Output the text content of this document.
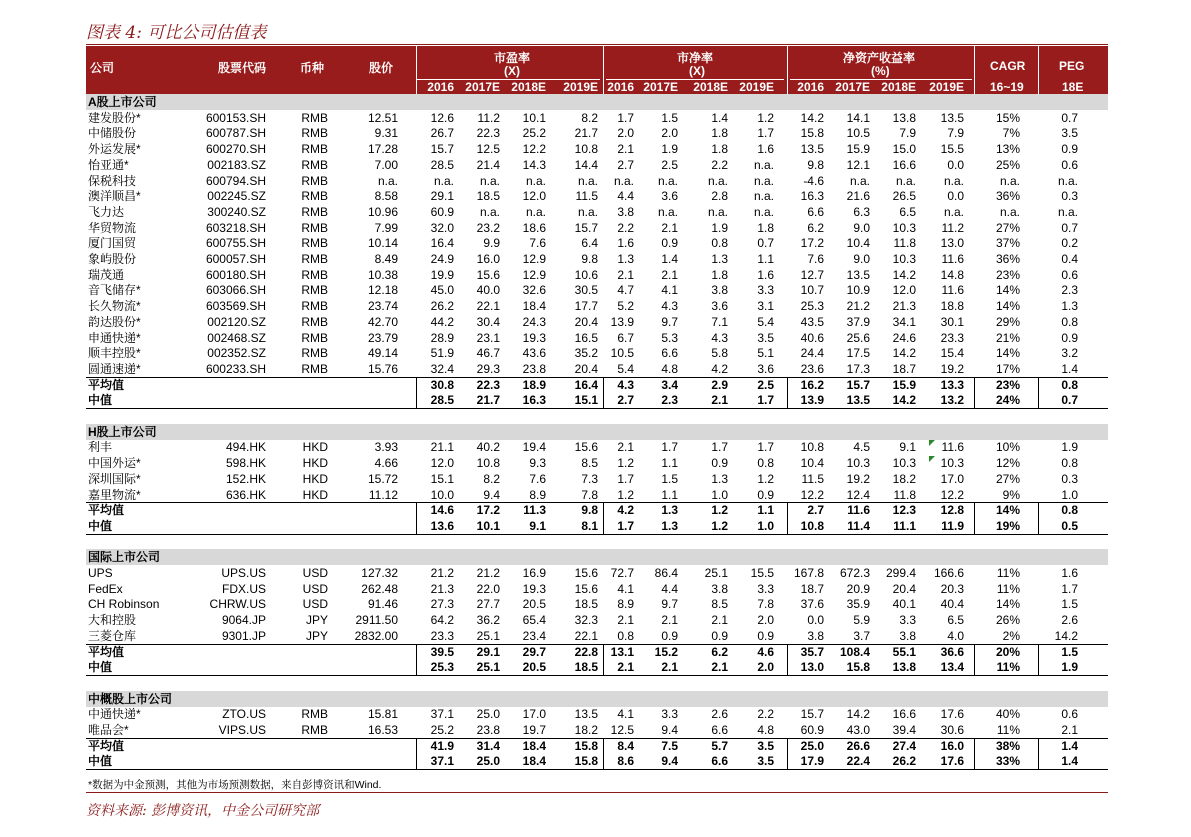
图表 4: 可比公司估值表
公司	股票代码	币种	股价
市盈率
(X)
市净率
(X)
净资产收益率
(%)	CAGR
16~19
PEG
18E
2016 2017E 2018E 2019E 2016 2017E 2018E 2019E 2016 2017E 2018E 2019E
A股上市公司
建发股份*	600153.SH	RMB	12.51	12.6 11.2 10.1	8.2 1.7 1.5	1.4 1.2 14.2 14.1 13.8 13.5	15%	0.7
中储股份	600787.SH	RMB	9.31	26.7 22.3 25.2 21.7 2.0 2.0	1.8 1.7 15.8 10.5 7.9	7.9	7%	3.5
外运发展*	600270.SH	RMB	17.28	15.7 12.5 12.2 10.8 2.1 1.9	1.8 1.6 13.5 15.9 15.0 15.5	13%	0.9
怡亚通*	002183.SZ	RMB	7.00	28.5 21.4 14.3 14.4 2.7 2.5	2.2 n.a.	9.8 12.1 16.6	0.0	25%	0.6
保税科技	600794.SH	RMB	n.a.	n.a. n.a. n.a.	n.a. n.a. n.a. n.a. n.a. -4.6 n.a. n.a. n.a.	n.a.	n.a.
澳洋顺昌*	002245.SZ	RMB	8.58	29.1 18.5 12.0 11.5 4.4 3.6	2.8 n.a. 16.3 21.6 26.5	0.0	36%	0.3
飞力达	300240.SZ	RMB	10.96	60.9 n.a. n.a.	n.a. 3.8 n.a. n.a. n.a.	6.6 6.3 6.5 n.a.	n.a.	n.a.
华贸物流	603218.SH	RMB	7.99	32.0 23.2 18.6 15.7 2.2 2.1	1.9 1.8	6.2 9.0 10.3 11.2	27%	0.7
厦门国贸	600755.SH	RMB	10.14	16.4 9.9 7.6	6.4 1.6 0.9	0.8 0.7 17.2 10.4 11.8 13.0	37%	0.2
象屿股份	600057.SH	RMB	8.49	24.9 16.0 12.9	9.8 1.3 1.4	1.3 1.1	7.6 9.0 10.3 11.6	36%	0.4
瑞茂通	600180.SH	RMB	10.38	19.9 15.6 12.9 10.6 2.1 2.1	1.8 1.6 12.7 13.5 14.2 14.8	23%	0.6
音飞储存*	603066.SH	RMB	12.18	45.0 40.0 32.6 30.5 4.7 4.1	3.8 3.3 10.7 10.9 12.0 11.6	14%	2.3
长久物流*	603569.SH	RMB	23.74	26.2 22.1 18.4 17.7 5.2 4.3	3.6 3.1 25.3 21.2 21.3 18.8	14%	1.3
韵达股份*	002120.SZ	RMB	42.70	44.2 30.4 24.3 20.4 13.9 9.7	7.1 5.4 43.5 37.9 34.1 30.1	29%	0.8
申通快递*	002468.SZ	RMB	23.79	28.9 23.1 19.3 16.5 6.7 5.3	4.3 3.5 40.6 25.6 24.6 23.3	21%	0.9
顺丰控股*	002352.SZ	RMB	49.14	51.9 46.7 43.6 35.2 10.5 6.6	5.8 5.1 24.4 17.5 14.2 15.4	14%	3.2
圆通速递*	600233.SH	RMB	15.76	32.4 29.3 23.8 20.4 5.4 4.8	4.2 3.6 23.6 17.3 18.7 19.2	17%	1.4
平均值	30.8 22.3 18.9 16.4 4.3 3.4	2.9 2.5 16.2 15.7 15.9 13.3	23%	0.8
中值	28.5 21.7 16.3 15.1 2.7 2.3	2.1 1.7 13.9 13.5 14.2 13.2	24%	0.7
H股上市公司
利丰	494.HK	HKD	3.93	21.1 40.2 19.4 15.6 2.1 1.7	1.7 1.7 10.8 4.5 9.1 11.6	10%	1.9
中国外运*	598.HK	HKD	4.66	12.0 10.8 9.3	8.5 1.2 1.1	0.9 0.8 10.4 10.3 10.3 10.3	12%	0.8
深圳国际*	152.HK	HKD	15.72	15.1 8.2 7.6	7.3 1.7 1.5	1.3 1.2 11.5 19.2 18.2 17.0	27%	0.3
嘉里物流*	636.HK	HKD	11.12	10.0 9.4 8.9	7.8 1.2 1.1	1.0 0.9 12.2 12.4 11.8 12.2	9%	1.0
平均值	14.6 17.2 11.3	9.8 4.2 1.3	1.2 1.1	2.7 11.6 12.3 12.8	14%	0.8
中值	13.6 10.1 9.1	8.1 1.7 1.3	1.2 1.0 10.8 11.4 11.1 11.9	19%	0.5
国际上市公司
UPS	UPS.US	USD	127.32	21.2 21.2 16.9 15.6 72.7 86.4 25.1 15.5 167.8 672.3 299.4 166.6	11%	1.6
FedEx	FDX.US	USD	262.48	21.3 22.0 19.3 15.6 4.1 4.4	3.8 3.3 18.7 20.9 20.4 20.3	11%	1.7
CH Robinson	CHRW.US	USD	91.46	27.3 27.7 20.5 18.5 8.9 9.7	8.5 7.8 37.6 35.9 40.1 40.4	14%	1.5
大和控股	9064.JP	JPY 2911.50	64.2 36.2 65.4 32.3 2.1 2.1	2.1 2.0	0.0 5.9 3.3	6.5	26%	2.6
三菱仓库	9301.JP	JPY 2832.00	23.3 25.1 23.4 22.1 0.8 0.9	0.9 0.9	3.8 3.7 3.8	4.0	2%	14.2
平均值	39.5 29.1 29.7 22.8 13.1 15.2	6.2 4.6 35.7 108.4 55.1 36.6	20%	1.5
中值	25.3 25.1 20.5 18.5 2.1 2.1	2.1 2.0 13.0 15.8 13.8 13.4	11%	1.9
中概股上市公司
中通快递*	ZTO.US	RMB	15.81	37.1 25.0 17.0 13.5 4.1 3.3	2.6 2.2 15.7 14.2 16.6 17.6	40%	0.6
唯品会*	VIPS.US	RMB	16.53	25.2 23.8 19.7 18.2 12.5 9.4	6.6 4.8 60.9 43.0 39.4 30.6	11%	2.1
平均值	41.9 31.4 18.4 15.8 8.4 7.5	5.7 3.5 25.0 26.6 27.4 16.0	38%	1.4
中值	37.1 25.0 18.4 15.8 8.6 9.4	6.6 3.5 17.9 22.4 26.2 17.6	33%	1.4
*数据为中金预测，其他为市场预测数据，来自彭博资讯和Wind.
资料来源: 彭博资讯，中金公司研究部
